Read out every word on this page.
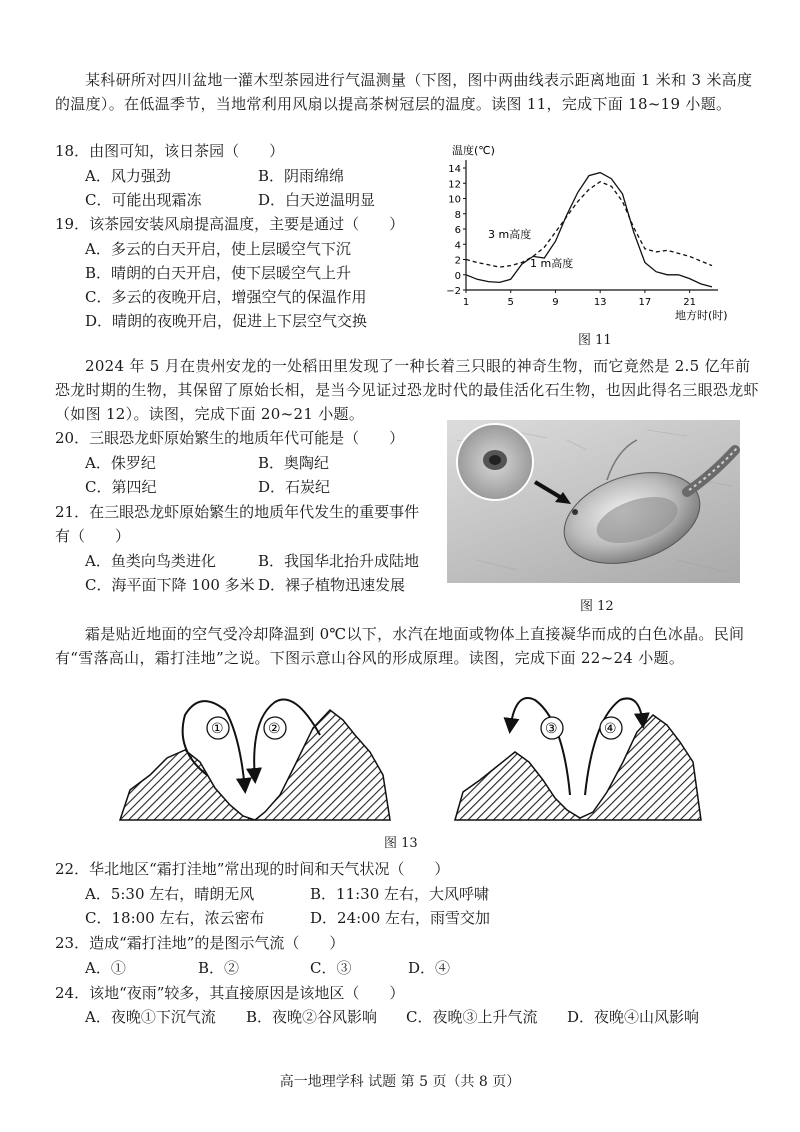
某科研所对四川盆地一灌木型茶园进行气温测量（下图，图中两曲线表示距离地面 1 米和 3 米高度的温度）。在低温季节，当地常利用风扇以提高茶树冠层的温度。读图 11，完成下面 18~19 小题。
18．由图可知，该日茶园（　　）
A．风力强劲	B．阴雨绵绵
C．可能出现霜冻	D．白天逆温明显
19．该茶园安装风扇提高温度，主要是通过（　　）
A．多云的白天开启，使上层暖空气下沉
B．晴朗的白天开启，使下层暖空气上升
C．多云的夜晚开启，增强空气的保温作用
D．晴朗的夜晚开启，促进上下层空气交换
温度(℃)
14
12
10
8
6
4
2
0
−2
1	5	9	13	17	21
地方时(时)
3 m高度
1 m高度
图 11
2024 年 5 月在贵州安龙的一处稻田里发现了一种长着三只眼的神奇生物，而它竟然是 2.5 亿年前恐龙时期的生物，其保留了原始长相，是当今见证过恐龙时代的最佳活化石生物，也因此得名三眼恐龙虾（如图 12）。读图，完成下面 20~21 小题。
20．三眼恐龙虾原始繁生的地质年代可能是（　　）
A．侏罗纪	B．奥陶纪
C．第四纪	D．石炭纪
21．在三眼恐龙虾原始繁生的地质年代发生的重要事件
有（　　）
A．鱼类向鸟类进化	B．我国华北抬升成陆地
C．海平面下降 100 多米 D．裸子植物迅速发展
图 12
霜是贴近地面的空气受冷却降温到 0℃以下，水汽在地面或物体上直接凝华而成的白色冰晶。民间有“雪落高山，霜打洼地”之说。下图示意山谷风的形成原理。读图，完成下面 22~24 小题。
①	②	③	④
图 13
22．华北地区“霜打洼地”常出现的时间和天气状况（　　）
A．5:30 左右，晴朗无风	B．11:30 左右，大风呼啸
C．18:00 左右，浓云密布	D．24:00 左右，雨雪交加
23．造成“霜打洼地”的是图示气流（　　）
A．①	B．②	C．③	D．④
24．该地“夜雨”较多，其直接原因是该地区（　　）
A．夜晚①下沉气流 B．夜晚②谷风影响 C．夜晚③上升气流 D．夜晚④山风影响
高一地理学科 试题 第 5 页（共 8 页）
